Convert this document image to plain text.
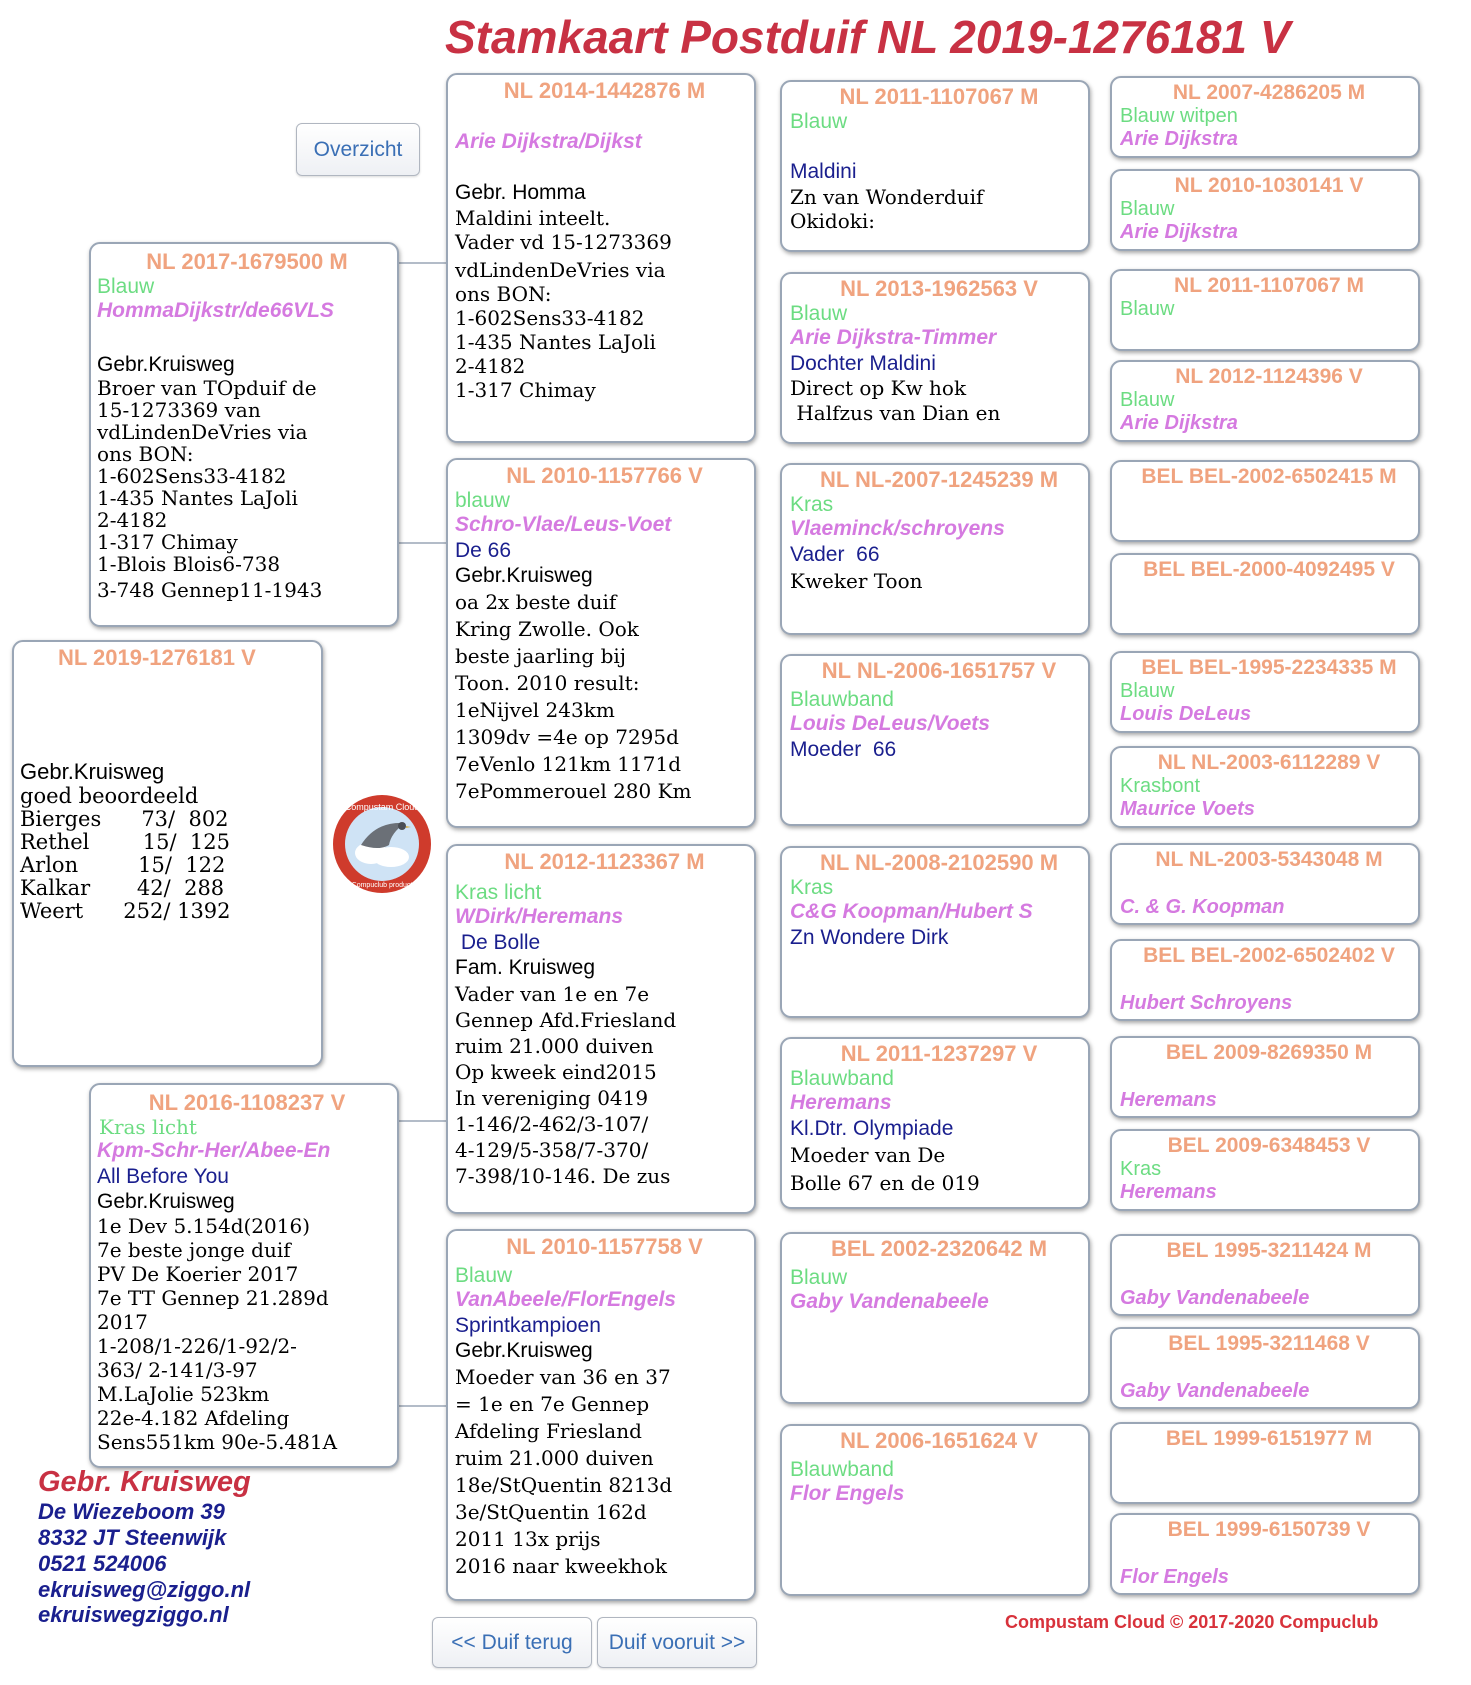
Stamkaart Postduif NL 2019-1276181 V
Overzicht

NL 2019-1276181 V

Gebr.Kruisweg

goed beoordeeld

Bierges      73/  802

Rethel        15/  125

Arlon         15/  122

Kalkar       42/  288

Weert      252/ 1392

Compustam Cloud
Compuclub product

NL 2017-1679500 M

Blauw

HommaDijkstr/de66VLS

Gebr.Kruisweg

Broer van TOpduif de

15-1273369 van

vdLindenDeVries via

ons BON:

1-602Sens33-4182

1-435 Nantes LaJoli

2-4182

1-317 Chimay

1-Blois Blois6-738

3-748 Gennep11-1943

NL 2016-1108237 V

Kras licht

Kpm-Schr-Her/Abee-En

All Before You

Gebr.Kruisweg

1e Dev 5.154d(2016)

7e beste jonge duif

PV De Koerier 2017

7e TT Gennep 21.289d

2017

1-208/1-226/1-92/2-

363/ 2-141/3-97

M.LaJolie 523km

22e-4.182 Afdeling

Sens551km 90e-5.481A

NL 2014-1442876 M

Arie Dijkstra/Dijkst

Gebr. Homma

Maldini inteelt.

Vader vd 15-1273369

vdLindenDeVries via

ons BON:

1-602Sens33-4182

1-435 Nantes LaJoli

2-4182

1-317 Chimay

NL 2010-1157766 V

blauw

Schro-Vlae/Leus-Voet

De 66

Gebr.Kruisweg

oa 2x beste duif

Kring Zwolle. Ook

beste jaarling bij

Toon. 2010 result:

1eNijvel 243km

1309dv =4e op 7295d

7eVenlo 121km 1171d

7ePommerouel 280 Km

NL 2012-1123367 M

Kras licht

WDirk/Heremans

De Bolle

Fam. Kruisweg

Vader van 1e en 7e

Gennep Afd.Friesland

ruim 21.000 duiven

Op kweek eind2015

In vereniging 0419

1-146/2-462/3-107/

4-129/5-358/7-370/

7-398/10-146. De zus

NL 2010-1157758 V

Blauw

VanAbeele/FlorEngels

Sprintkampioen

Gebr.Kruisweg

Moeder van 36 en 37

= 1e en 7e Gennep

Afdeling Friesland

ruim 21.000 duiven

18e/StQuentin 8213d

3e/StQuentin 162d

2011 13x prijs

2016 naar kweekhok

NL 2011-1107067 M

Blauw

Maldini

Zn van Wonderduif

Okidoki:

NL 2013-1962563 V

Blauw

Arie Dijkstra-Timmer

Dochter Maldini

Direct op Kw hok

Halfzus van Dian en

NL NL-2007-1245239 M

Kras

Vlaeminck/schroyens

Vader  66

Kweker Toon

NL NL-2006-1651757 V

Blauwband

Louis DeLeus/Voets

Moeder  66

NL NL-2008-2102590 M

Kras

C&G Koopman/Hubert S

Zn Wondere Dirk

NL 2011-1237297 V

Blauwband

Heremans

Kl.Dtr. Olympiade

Moeder van De

Bolle 67 en de 019

BEL 2002-2320642 M

Blauw

Gaby Vandenabeele

NL 2006-1651624 V

Blauwband

Flor Engels

NL 2007-4286205 M

Blauw witpen

Arie Dijkstra

NL 2010-1030141 V

Blauw

Arie Dijkstra

NL 2011-1107067 M

Blauw

NL 2012-1124396 V

Blauw

Arie Dijkstra

BEL BEL-2002-6502415 M

BEL BEL-2000-4092495 V

BEL BEL-1995-2234335 M

Blauw

Louis DeLeus

NL NL-2003-6112289 V

Krasbont

Maurice Voets

NL NL-2003-5343048 M

C. & G. Koopman

BEL BEL-2002-6502402 V

Hubert Schroyens

BEL 2009-8269350 M

Heremans

BEL 2009-6348453 V

Kras

Heremans

BEL 1995-3211424 M

Gaby Vandenabeele

BEL 1995-3211468 V

Gaby Vandenabeele

BEL 1999-6151977 M

BEL 1999-6150739 V

Flor Engels

Gebr. Kruisweg

De Wiezeboom 39

8332 JT Steenwijk

0521 524006

ekruisweg@ziggo.nl

ekruiswegziggo.nl

<< Duif terug	Duif vooruit >>
Compustam Cloud © 2017-2020 Compuclub
